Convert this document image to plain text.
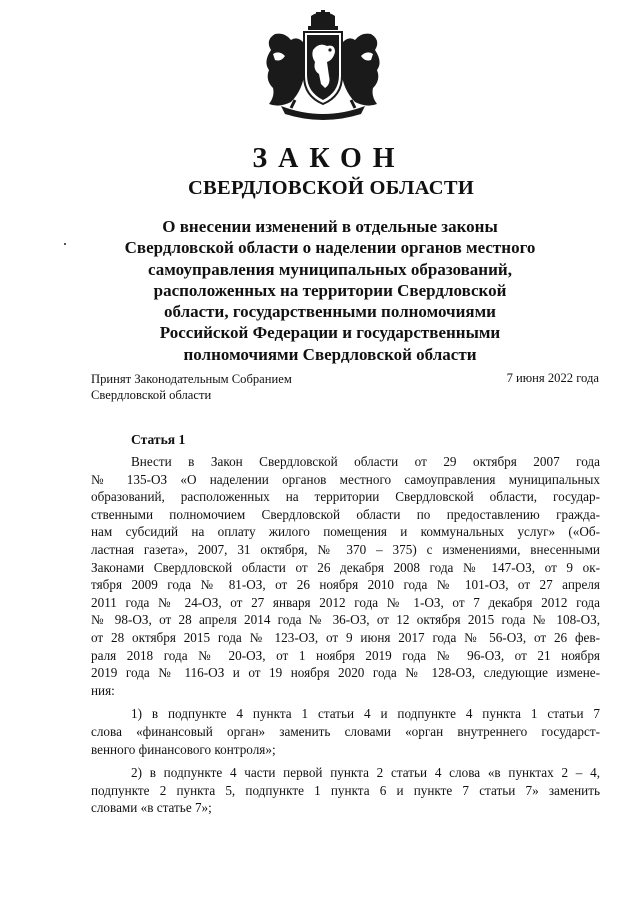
ЗАКОН
СВЕРДЛОВСКОЙ ОБЛАСТИ
О внесении изменений в отдельные законы
Свердловской области о наделении органов местного
самоуправления муниципальных образований,
расположенных на территории Свердловской
области, государственными полномочиями
Российской Федерации и государственными
полномочиями Свердловской области
Принят Законодательным Собранием
Свердловской области
7 июня 2022 года
Статья 1

Внести в Закон Свердловской области от 29 октября 2007 года
№ 135-ОЗ «О наделении органов местного самоуправления муниципальных
образований, расположенных на территории Свердловской области, государ-
ственными полномочием Свердловской области по предоставлению гражда-
нам субсидий на оплату жилого помещения и коммунальных услуг» («Об-
ластная газета», 2007, 31 октября, № 370 – 375) с изменениями, внесенными
Законами Свердловской области от 26 декабря 2008 года № 147-ОЗ, от 9 ок-
тября 2009 года № 81-ОЗ, от 26 ноября 2010 года № 101-ОЗ, от 27 апреля
2011 года № 24-ОЗ, от 27 января 2012 года № 1-ОЗ, от 7 декабря 2012 года
№ 98-ОЗ, от 28 апреля 2014 года № 36-ОЗ, от 12 октября 2015 года № 108-ОЗ,
от 28 октября 2015 года № 123-ОЗ, от 9 июня 2017 года № 56-ОЗ, от 26 фев-
раля 2018 года № 20-ОЗ, от 1 ноября 2019 года № 96-ОЗ, от 21 ноября
2019 года № 116-ОЗ и от 19 ноября 2020 года № 128-ОЗ, следующие измене-
ния:

1) в подпункте 4 пункта 1 статьи 4 и подпункте 4 пункта 1 статьи 7
слова «финансовый орган» заменить словами «орган внутреннего государст-
венного финансового контроля»;

2) в подпункте 4 части первой пункта 2 статьи 4 слова «в пунктах 2 – 4,
подпункте 2 пункта 5, подпункте 1 пункта 6 и пункте 7 статьи 7» заменить
словами «в статье 7»;
